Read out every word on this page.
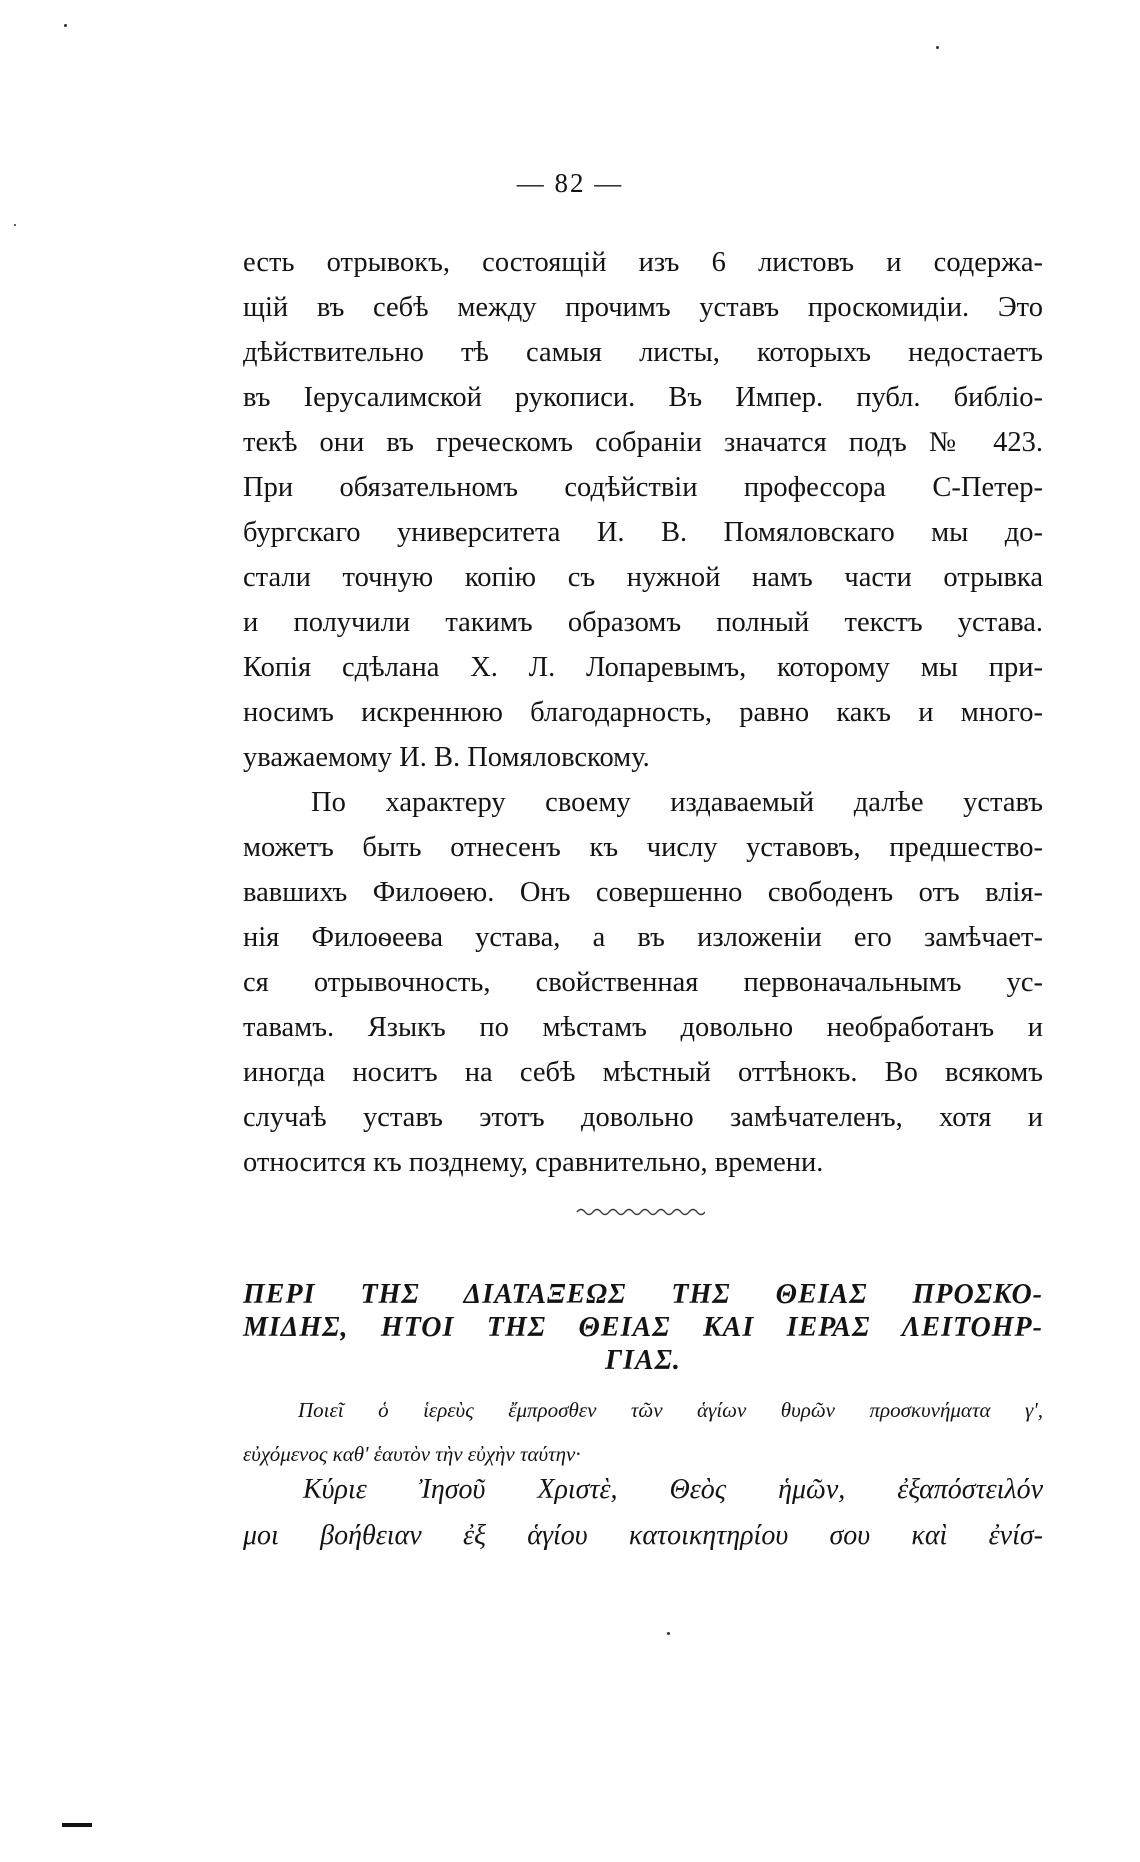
— 82 —
есть отрывокъ, состоящій изъ 6 листовъ и содержа-
щій въ себѣ между прочимъ уставъ проскомидіи. Это
дѣйствительно тѣ самыя листы, которыхъ недостаетъ
въ Іерусалимской рукописи. Въ Импер. публ. библіо-
текѣ они въ греческомъ собраніи значатся подъ № 423.
При обязательномъ содѣйствіи профессора С-Петер-
бургскаго университета И. В. Помяловскаго мы до-
стали точную копію съ нужной намъ части отрывка
и получили такимъ образомъ полный текстъ устава.
Копія сдѣлана Х. Л. Лопаревымъ, которому мы при-
носимъ искреннюю благодарность, равно какъ и много-
уважаемому И. В. Помяловскому.
По характеру своему издаваемый далѣе уставъ
можетъ быть отнесенъ къ числу уставовъ, предшество-
вавшихъ Филоѳею. Онъ совершенно свободенъ отъ влія-
нія Филоѳеева устава, а въ изложеніи его замѣчает-
ся отрывочность, свойственная первоначальнымъ ус-
тавамъ. Языкъ по мѣстамъ довольно необработанъ и
иногда носитъ на себѣ мѣстный оттѣнокъ. Во всякомъ
случаѣ уставъ этотъ довольно замѣчателенъ, хотя и
относится къ позднему, сравнительно, времени.
ΠΕΡΙ ΤΗΣ ΔΙΑΤΑΞΕΩΣ ΤΗΣ ΘΕΙΑΣ ΠΡΟΣΚΟ-
ΜΙΔΗΣ, ΗΤΟΙ ΤΗΣ ΘΕΙΑΣ ΚΑΙ ΙΕΡΑΣ ΛΕΙΤΟΗΡ-
ΓΙΑΣ.
Ποιεῖ ὁ ἱερεὺς ἔμπροσθεν τῶν ἁγίων θυρῶν προσκυνήματα γ',
εὐχόμενος καθ' ἑαυτὸν τὴν εὐχὴν ταύτην·
Κύριε Ἰησοῦ Χριστὲ, Θεὸς ἡμῶν, ἐξαπόστειλόν
μοι βοήθειαν ἐξ ἁγίου κατοικητηρίου σου καὶ ἐνίσ-
